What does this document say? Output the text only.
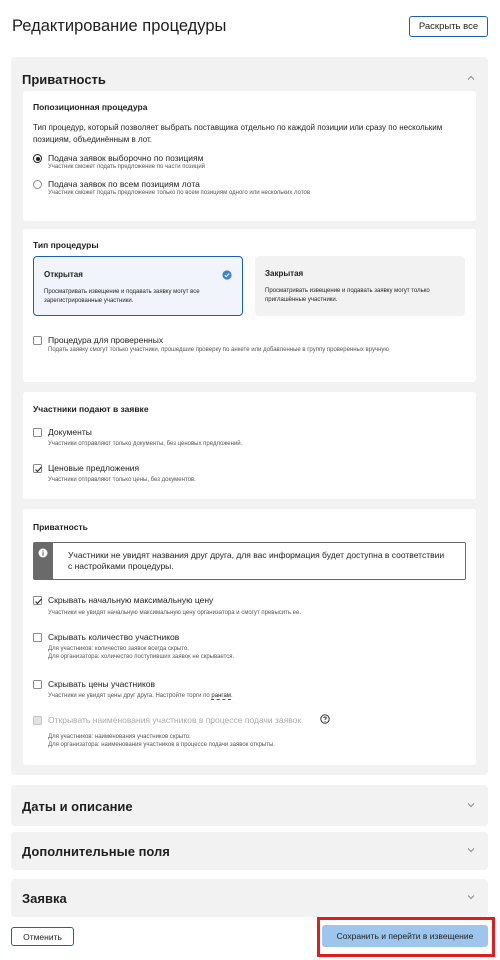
Редактирование процедуры	Раскрыть все
Приватность
Попозиционная процедура
Тип процедур, который позволяет выбрать поставщика отдельно по каждой позиции или сразу по нескольким позициям, объединённым в лот.
Подача заявок выборочно по позициям
Участник сможет подать предложение по части позиций
Подача заявок по всем позициям лота
Участник сможет подать предложение только по всем позициям одного или нескольких лотов
Тип процедуры
Открытая
Просматривать извещение и подавать заявку могут все зарегистрированные участники.
Закрытая
Просматривать извещение и подавать заявку могут только приглашённые участники.
Процедура для проверенных
Подать заявку смогут только участники, прошедшие проверку по анкете или добавленные в группу проверенных вручную
Участники подают в заявке
Документы
Участники отправляют только документы, без ценовых предложений.
Ценовые предложения
Участники отправляют только цены, без документов.
Приватность
Участники не увидят названия друг друга, для вас информация будет доступна в соответствии с настройками процедуры.
Скрывать начальную максимальную цену
Участники не увидят начальную максимальную цену организатора и смогут превысить ее.
Скрывать количество участников
Для участников: количество заявок всегда скрыто.
Для организатора: количество поступивших заявок не скрывается.
Скрывать цены участников
Участники не увидят цены друг друга. Настройте торги по рангам.
Открывать наименования участников в процессе подачи заявок
Для участников: наименования участников скрыто.
Для организатора: наименования участников в процессе подачи заявок открыты.
Даты и описание
Дополнительные поля
Заявка
Отменить	Сохранить и перейти в извещение
